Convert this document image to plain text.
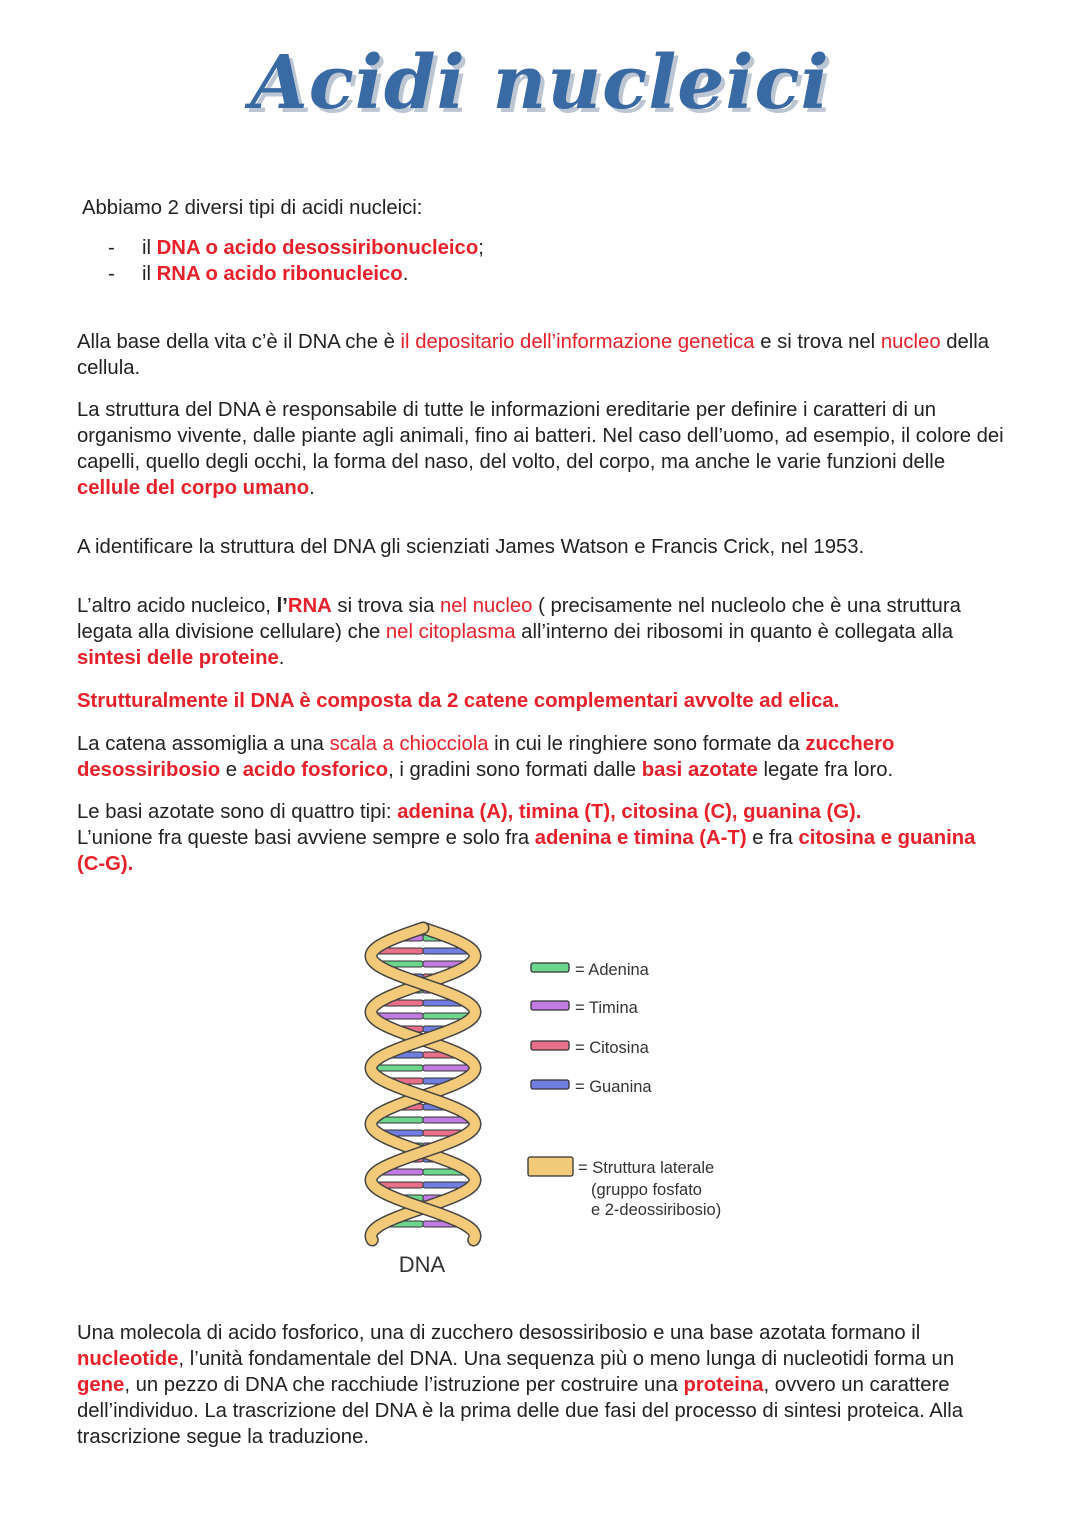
Acidi nucleici

Abbiamo 2 diversi tipi di acidi nucleici:

- il DNA o acido desossiribonucleico;
- il RNA o acido ribonucleico.

Alla base della vita c’è il DNA che è il depositario dell’informazione genetica e si trova nel nucleo della cellula.

La struttura del DNA è responsabile di tutte le informazioni ereditarie per definire i caratteri di un organismo vivente, dalle piante agli animali, fino ai batteri. Nel caso dell’uomo, ad esempio, il colore dei capelli, quello degli occhi, la forma del naso, del volto, del corpo, ma anche le varie funzioni delle cellule del corpo umano.

A identificare la struttura del DNA gli scienziati James Watson e Francis Crick, nel 1953.

L’altro acido nucleico, l’RNA si trova sia nel nucleo ( precisamente nel nucleolo che è una struttura legata alla divisione cellulare) che nel citoplasma all’interno dei ribosomi in quanto è collegata alla sintesi delle proteine.

Strutturalmente il DNA è composta da 2 catene complementari avvolte ad elica.

La catena assomiglia a una scala a chiocciola in cui le ringhiere sono formate da zucchero desossiribosio e acido fosforico, i gradini sono formati dalle basi azotate legate fra loro.

Le basi azotate sono di quattro tipi: adenina (A), timina (T), citosina (C), guanina (G).
L’unione fra queste basi avviene sempre e solo fra adenina e timina (A-T) e fra citosina e guanina (C-G).

DNA
= Adenina
= Timina
= Citosina
= Guanina
= Struttura laterale
(gruppo fosfato
e 2-deossiribosio)

Una molecola di acido fosforico, una di zucchero desossiribosio e una base azotata formano il nucleotide, l’unità fondamentale del DNA. Una sequenza più o meno lunga di nucleotidi forma un gene, un pezzo di DNA che racchiude l’istruzione per costruire una proteina, ovvero un carattere dell’individuo. La trascrizione del DNA è la prima delle due fasi del processo di sintesi proteica. Alla trascrizione segue la traduzione.
